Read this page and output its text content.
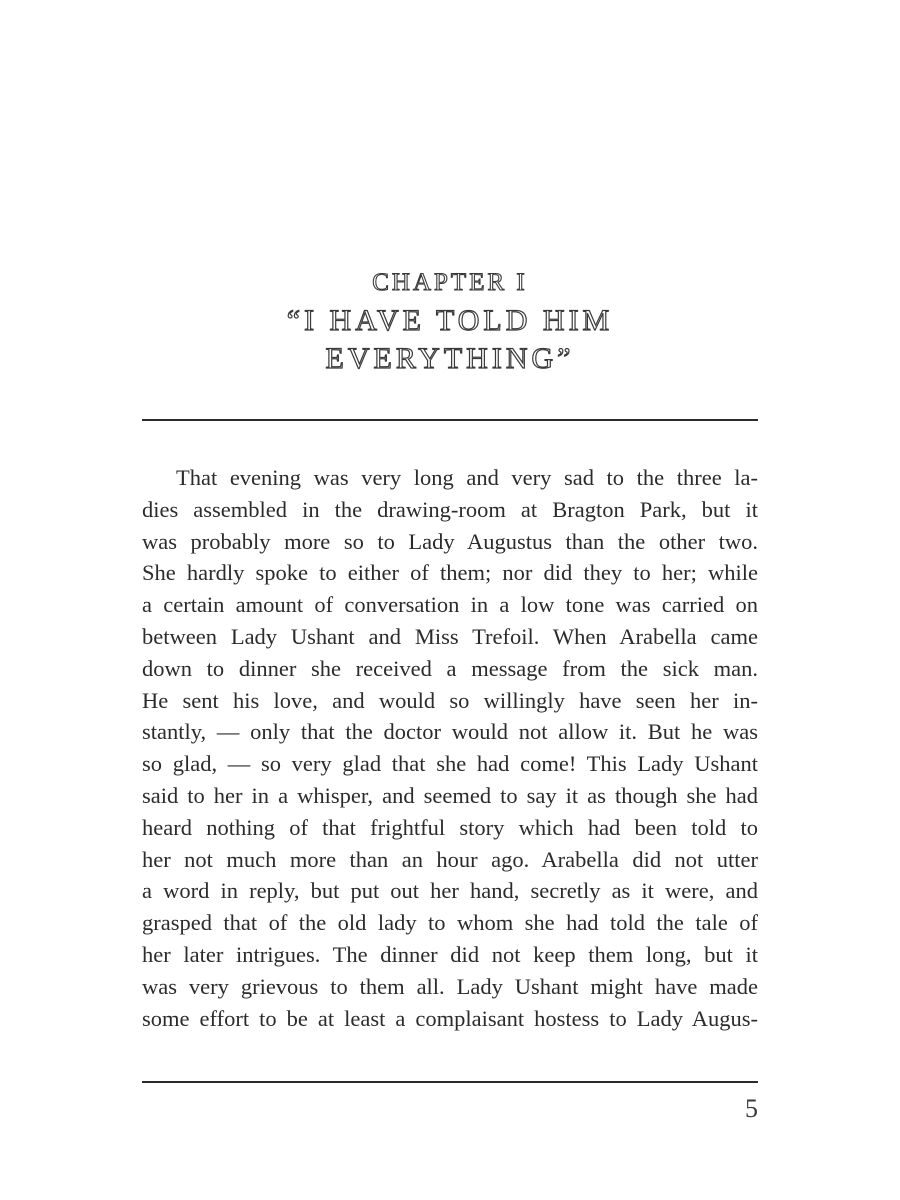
CHAPTER I
“I HAVE TOLD HIM
EVERYTHING”
That evening was very long and very sad to the three la-
dies assembled in the drawing-room at Bragton Park, but it
was probably more so to Lady Augustus than the other two.
She hardly spoke to either of them; nor did they to her; while
a certain amount of conversation in a low tone was carried on
between Lady Ushant and Miss Trefoil. When Arabella came
down to dinner she received a message from the sick man.
He sent his love, and would so willingly have seen her in-
stantly, — only that the doctor would not allow it. But he was
so glad, — so very glad that she had come! This Lady Ushant
said to her in a whisper, and seemed to say it as though she had
heard nothing of that frightful story which had been told to
her not much more than an hour ago. Arabella did not utter
a word in reply, but put out her hand, secretly as it were, and
grasped that of the old lady to whom she had told the tale of
her later intrigues. The dinner did not keep them long, but it
was very grievous to them all. Lady Ushant might have made
some effort to be at least a complaisant hostess to Lady Augus-
5
